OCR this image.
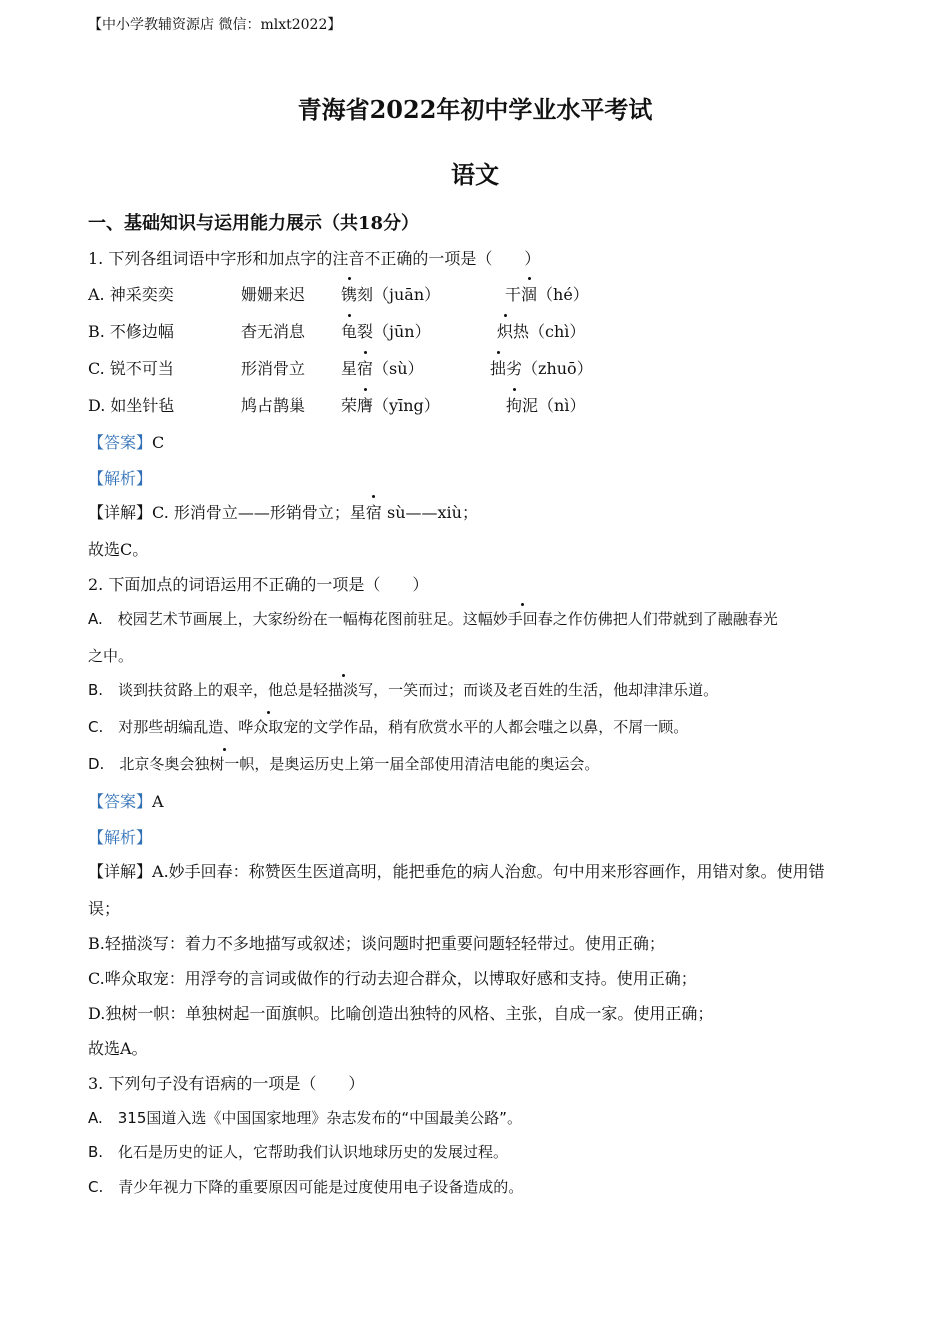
【中小学教辅资源店 微信：mlxt2022】
青海省2022年初中学业水平考试
语文
一、基础知识与运用能力展示（共18分）
1. 下列各组词语中字形和加点字的注音不正确的一项是（　　）
A. 神采奕奕	姗姗来迟 镌刻（juān）	干涸（hé）
B. 不修边幅	杳无消息 龟裂（jūn）	炽热（chì）
C. 锐不可当	形消骨立 星宿（sù）	拙劣（zhuō）
D. 如坐针毡	鸠占鹊巢 荣膺（yīng）	拘泥（nì）
【答案】C
【解析】
【详解】C. 形消骨立——形销骨立；星宿 sù——xiù；
故选C。
2. 下面加点的词语运用不正确的一项是（　　）
A.　校园艺术节画展上，大家纷纷在一幅梅花图前驻足。这幅妙手回春之作仿佛把人们带就到了融融春光
之中。
B.　谈到扶贫路上的艰辛，他总是轻描淡写，一笑而过；而谈及老百姓的生活，他却津津乐道。
C.　对那些胡编乱造、哗众取宠的文学作品，稍有欣赏水平的人都会嗤之以鼻，不屑一顾。
D.　北京冬奥会独树一帜，是奥运历史上第一届全部使用清洁电能的奥运会。
【答案】A
【解析】
【详解】A.妙手回春：称赞医生医道高明，能把垂危的病人治愈。句中用来形容画作，用错对象。使用错
误；
B.轻描淡写：着力不多地描写或叙述；谈问题时把重要问题轻轻带过。使用正确；
C.哗众取宠：用浮夸的言词或做作的行动去迎合群众，以博取好感和支持。使用正确；
D.独树一帜：单独树起一面旗帜。比喻创造出独特的风格、主张，自成一家。使用正确；
故选A。
3. 下列句子没有语病的一项是（　　）
A.　315国道入选《中国国家地理》杂志发布的“中国最美公路”。
B.　化石是历史的证人，它帮助我们认识地球历史的发展过程。
C.　青少年视力下降的重要原因可能是过度使用电子设备造成的。
